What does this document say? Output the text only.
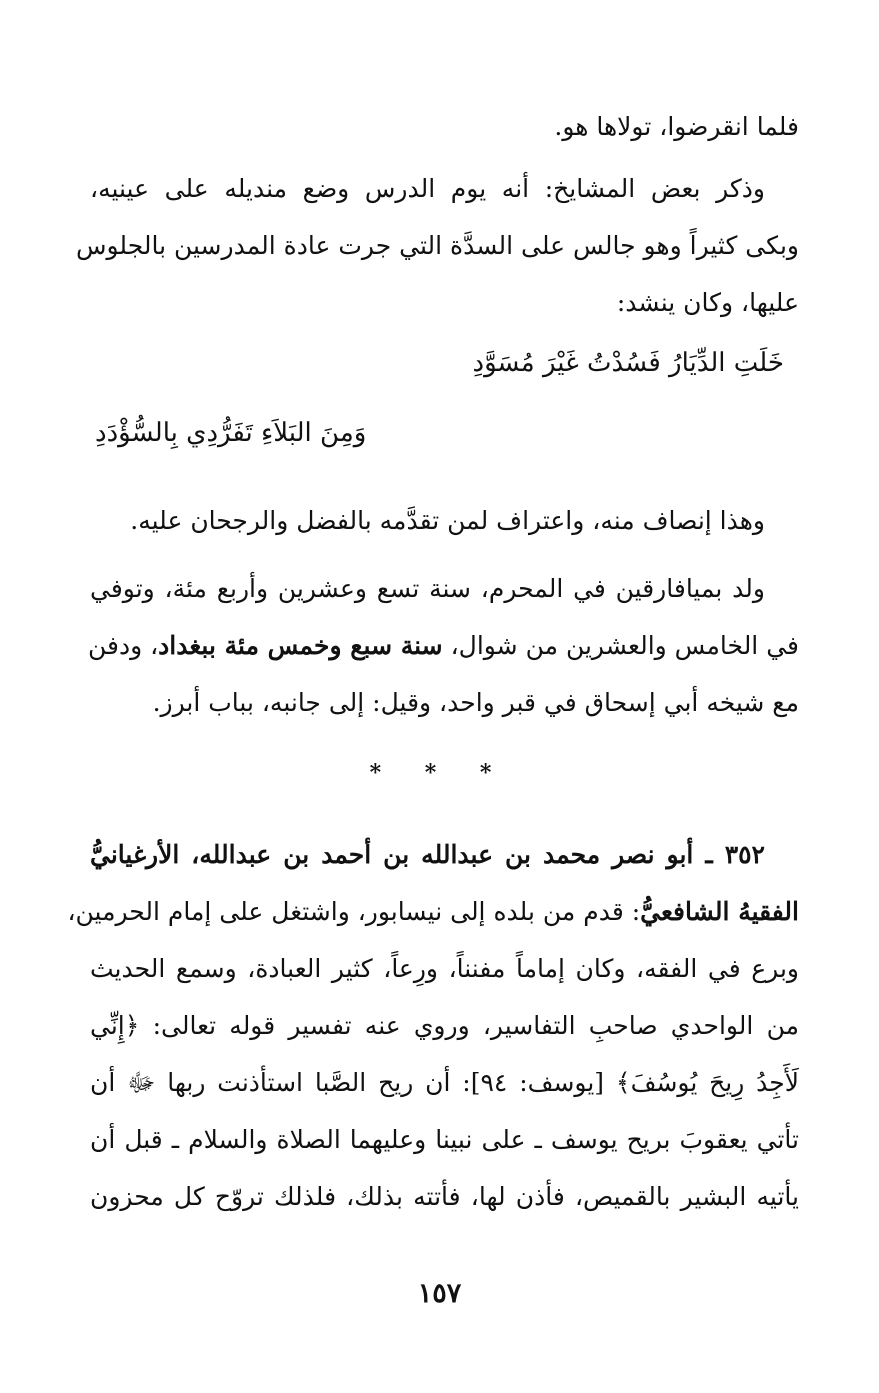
فلما انقرضوا، تولاها هو.
وذكر بعض المشايخ: أنه يوم الدرس وضع منديله على عينيه،
وبكى كثيراً وهو جالس على السدَّة التي جرت عادة المدرسين بالجلوس
عليها، وكان ينشد:
خَلَتِ الدِّيَارُ فَسُدْتُ غَيْرَ مُسَوَّدِ
وَمِنَ البَلاَءِ تَفَرُّدِي بِالسُّؤْدَدِ
وهذا إنصاف منه، واعتراف لمن تقدَّمه بالفضل والرجحان عليه.
ولد بميافارقين في المحرم، سنة تسع وعشرين وأربع مئة، وتوفي
في الخامس والعشرين من شوال، سنة سبع وخمس مئة ببغداد، ودفن
مع شيخه أبي إسحاق في قبر واحد، وقيل: إلى جانبه، بباب أبرز.
* * *
٣٥٢ ـ أبو نصر محمد بن عبدالله بن أحمد بن عبدالله، الأرغيانيُّ
الفقيهُ الشافعيُّ: قدم من بلده إلى نيسابور، واشتغل على إمام الحرمين،
وبرع في الفقه، وكان إماماً مفنناً، ورِعاً، كثير العبادة، وسمع الحديث
من الواحدي صاحبِ التفاسير، وروي عنه تفسير قوله تعالى: ﴿إِنِّي
لَأَجِدُ رِيحَ يُوسُفَ﴾ [يوسف: ٩٤]: أن ريح الصَّبا استأذنت ربها ﷻ أن
تأتي يعقوبَ بريح يوسف ـ على نبينا وعليهما الصلاة والسلام ـ قبل أن
يأتيه البشير بالقميص، فأذن لها، فأتته بذلك، فلذلك تروّح كل محزون
١٥٧
